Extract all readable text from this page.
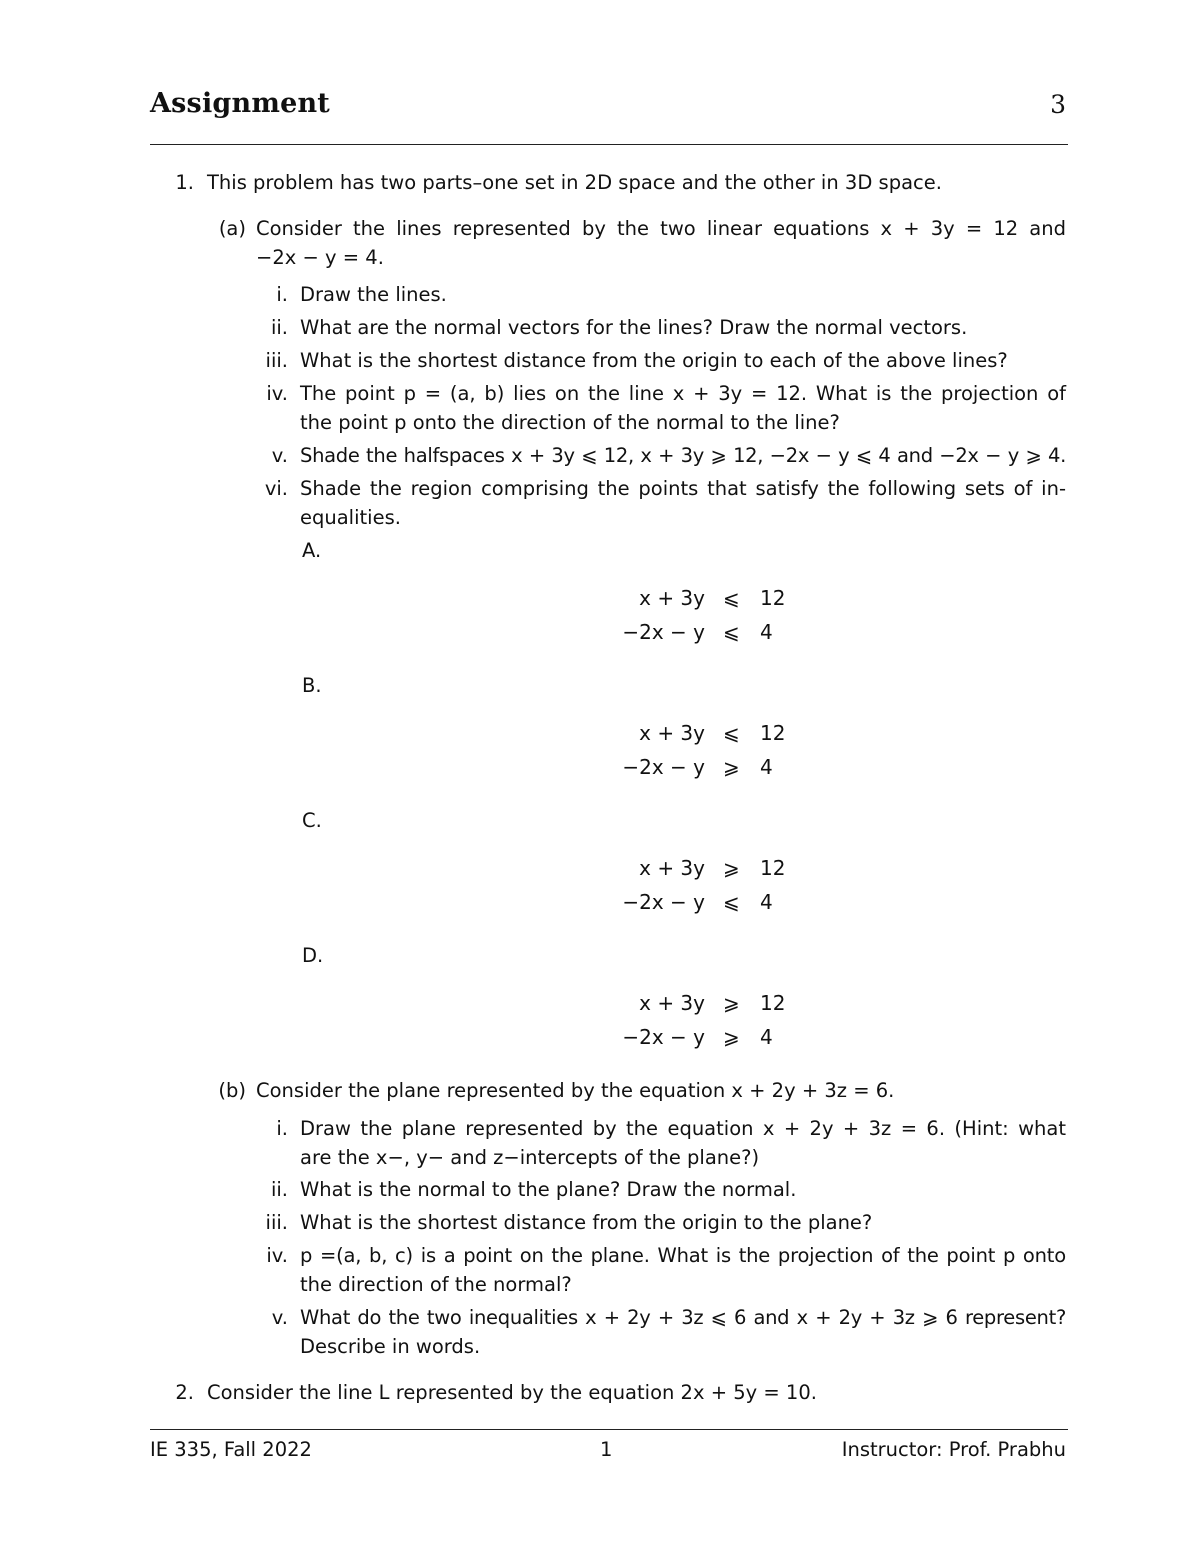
Assignment	3
1. This problem has two parts–one set in 2D space and the other in 3D space.
(a) Consider the lines represented by the two linear equations x + 3y = 12 and
−2x − y = 4.
i. Draw the lines.
ii. What are the normal vectors for the lines? Draw the normal vectors.
iii. What is the shortest distance from the origin to each of the above lines?
iv. The point p = (a, b) lies on the line x + 3y = 12. What is the projection of
the point p onto the direction of the normal to the line?
v. Shade the halfspaces x + 3y ⩽ 12, x + 3y ⩾ 12, −2x − y ⩽ 4 and −2x − y ⩾ 4.
vi. Shade the region comprising the points that satisfy the following sets of in-
equalities.
A.
x + 3y ⩽ 12
−2x − y ⩽ 4
B.
x + 3y ⩽ 12
−2x − y ⩾ 4
C.
x + 3y ⩾ 12
−2x − y ⩽ 4
D.
x + 3y ⩾ 12
−2x − y ⩾ 4
(b) Consider the plane represented by the equation x + 2y + 3z = 6.
i. Draw the plane represented by the equation x + 2y + 3z = 6. (Hint: what
are the x−, y− and z−intercepts of the plane?)
ii. What is the normal to the plane? Draw the normal.
iii. What is the shortest distance from the origin to the plane?
iv. p =(a, b, c) is a point on the plane. What is the projection of the point p onto
the direction of the normal?
v. What do the two inequalities x + 2y + 3z ⩽ 6 and x + 2y + 3z ⩾ 6 represent?
Describe in words.
2. Consider the line L represented by the equation 2x + 5y = 10.
IE 335, Fall 2022	1	Instructor: Prof. Prabhu
